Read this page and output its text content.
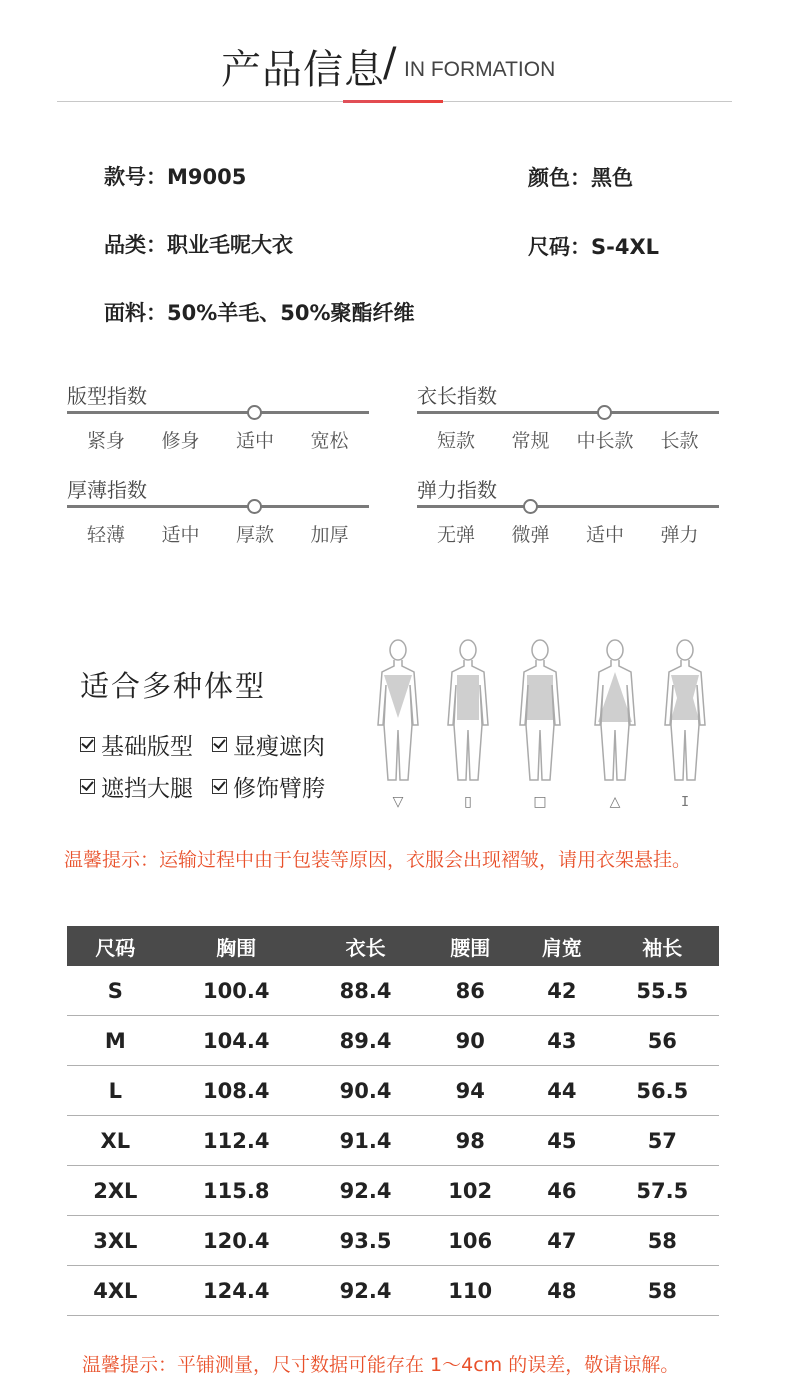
产品信息
/ IN FORMATION
款号：M9005	颜色：黑色
品类：职业毛呢大衣	尺码：S-4XL
面料：50%羊毛、50%聚酯纤维
版型指数
紧身	修身	适中	宽松
衣长指数
短款	常规	中长款	长款
厚薄指数
轻薄	适中	厚款	加厚
弹力指数
无弹	微弹	适中	弹力
适合多种体型
基础版型	显瘦遮肉
遮挡大腿	修饰臂胯	▽	▯	□	△	ⵊ
温馨提示：运输过程中由于包装等原因，衣服会出现褶皱，请用衣架悬挂。
尺码	胸围	衣长	腰围	肩宽	袖长
S	100.4	88.4	86	42	55.5
M	104.4	89.4	90	43	56
L	108.4	90.4	94	44	56.5
XL	112.4	91.4	98	45	57
2XL	115.8	92.4	102	46	57.5
3XL	120.4	93.5	106	47	58
4XL	124.4	92.4	110	48	58
温馨提示：平铺测量，尺寸数据可能存在 1～4cm 的误差，敬请谅解。
